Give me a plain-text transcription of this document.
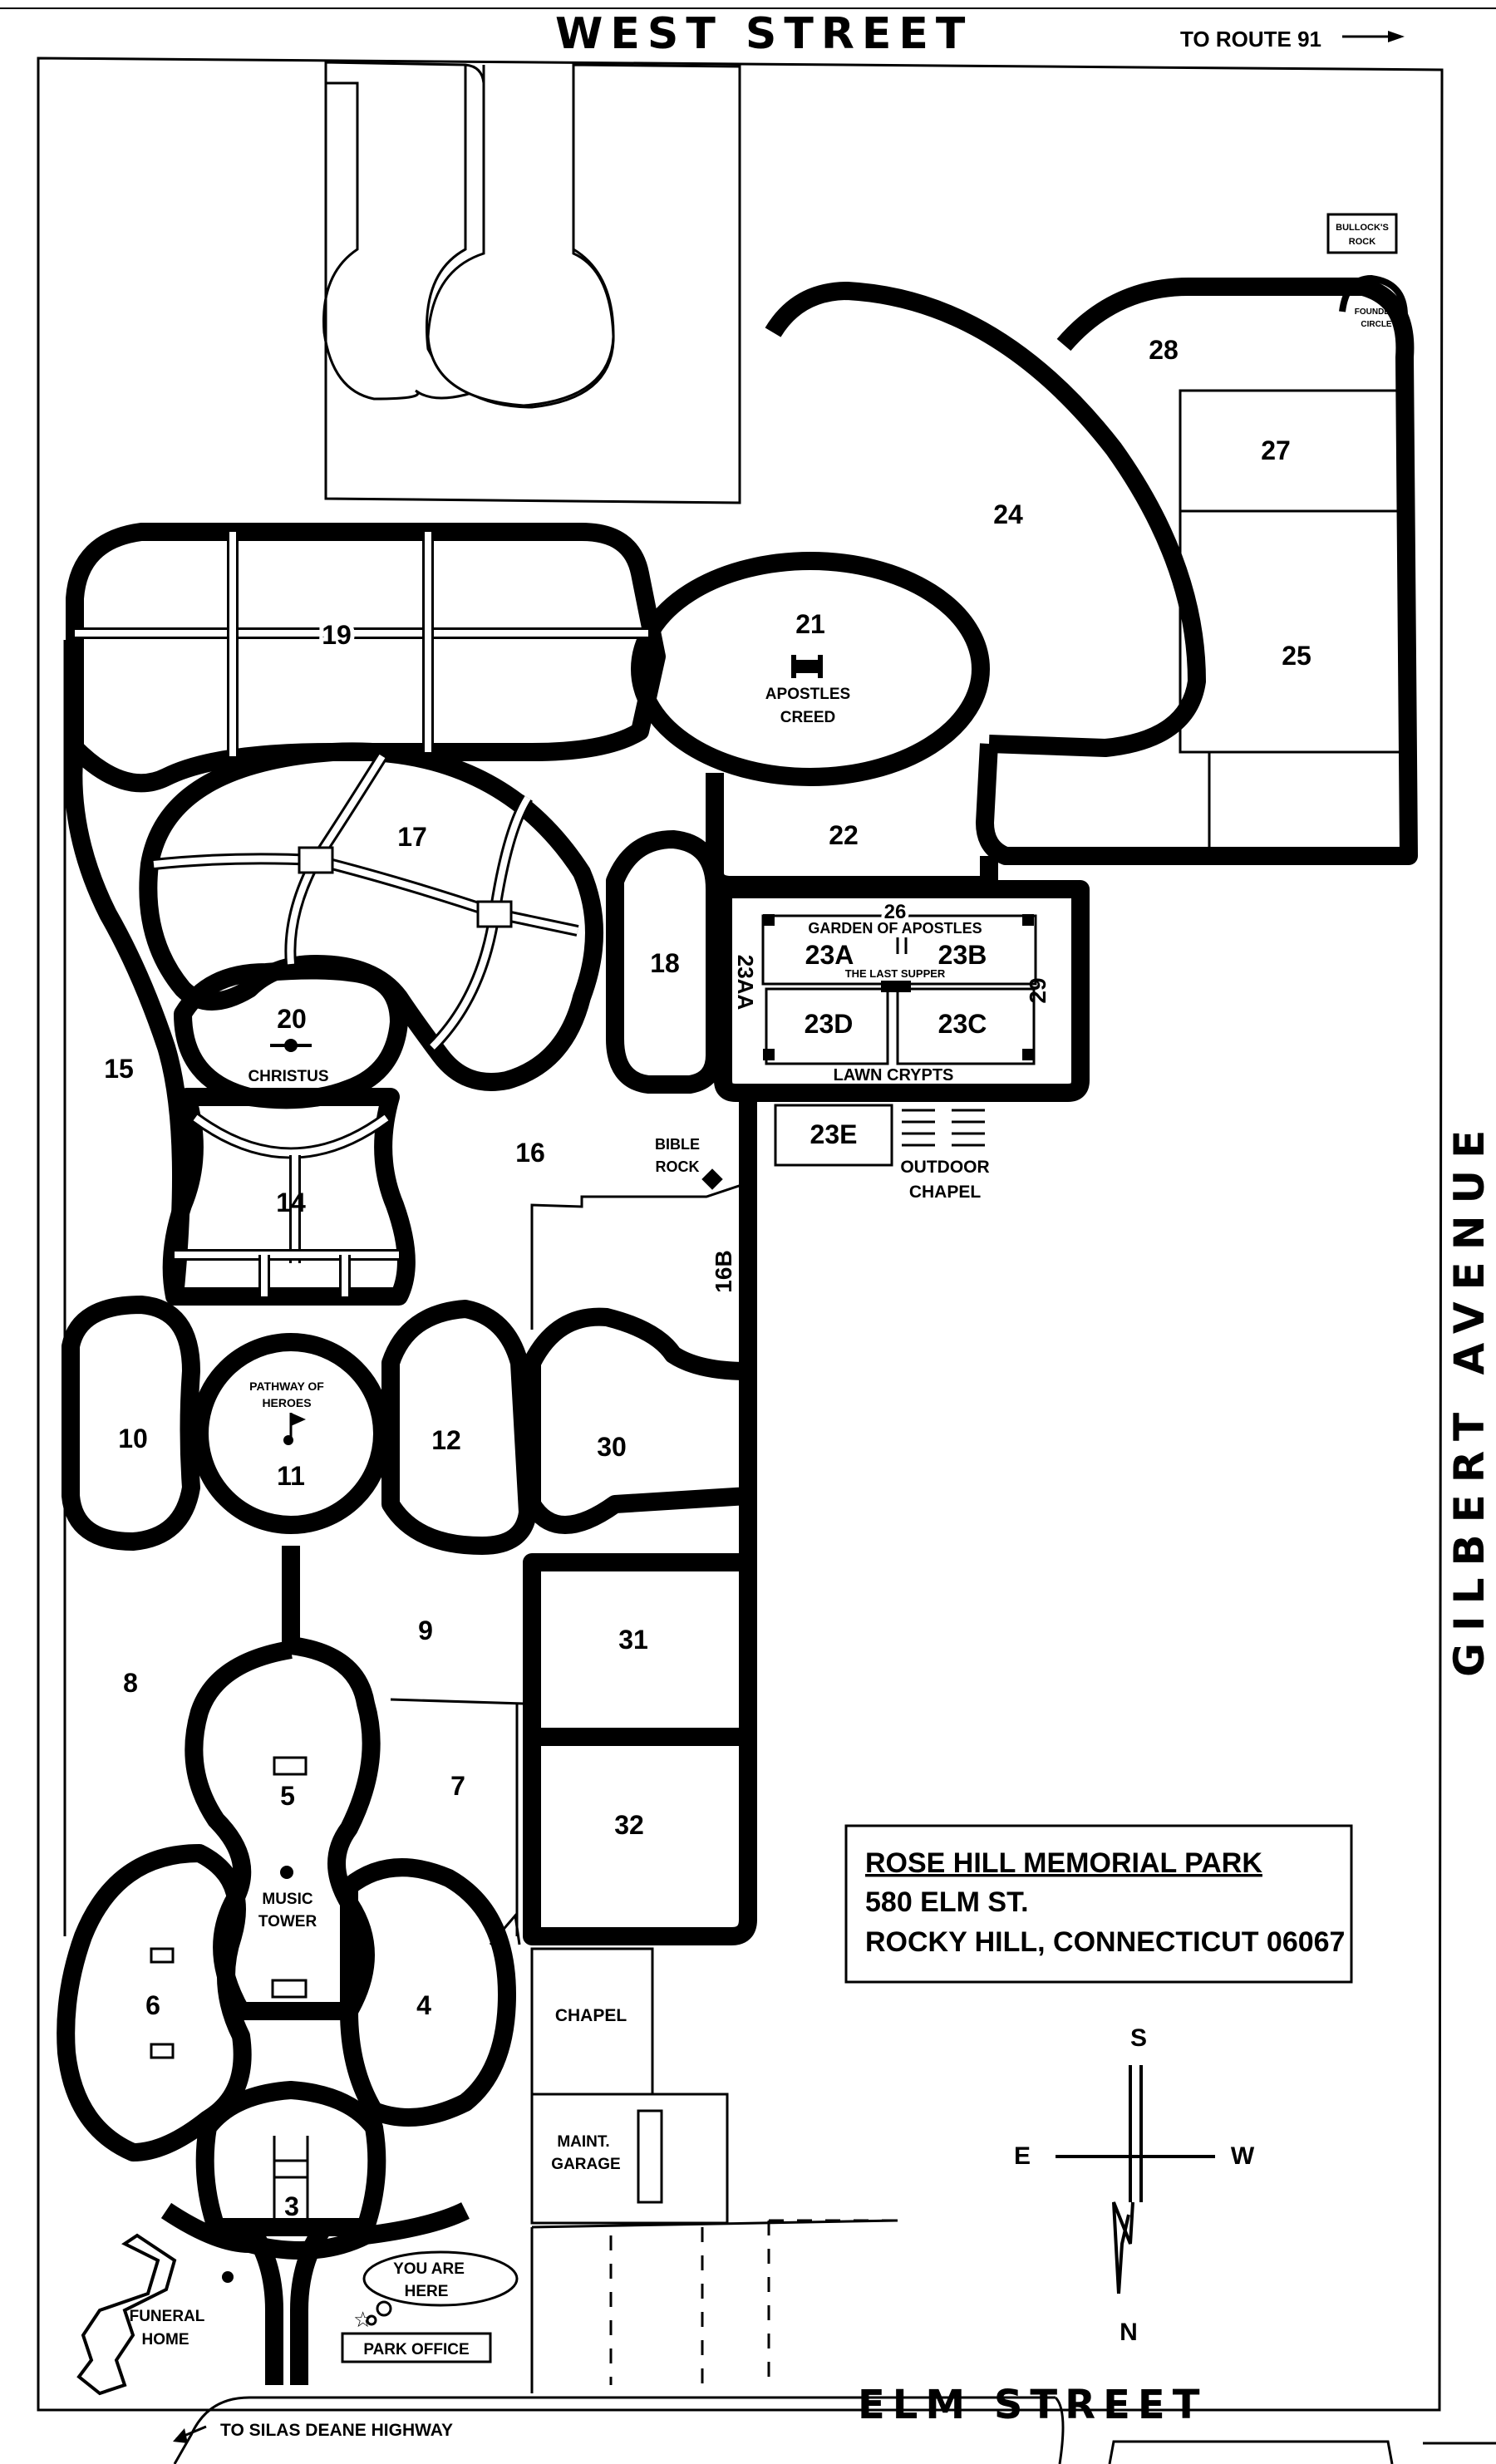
☆
WEST STREET	TO ROUTE 91
GILBERT AVENUE
ELM STREET
TO SILAS DEANE HIGHWAY
BULLOCK'S
ROCK
FOUNDER'S
CIRCLE
28
27
24
25
21
APOSTLES
CREED
19
22
17
18
26
GARDEN OF APOSTLES
23A	23B
THE LAST SUPPER
23D	23C
LAWN CRYPTS
23AA	29
23E
OUTDOOR
CHAPEL
20
CHRISTUS
15
16	BIBLE
ROCK
16B
14
10
PATHWAY OF
HEROES
11
12	30
9	31
8
7
5
32
MUSIC
TOWER
6	4
3
CHAPEL
MAINT.
GARAGE
FUNERAL
HOME
YOU ARE
HERE
PARK OFFICE
ROSE HILL MEMORIAL PARK
580 ELM ST.
ROCKY HILL, CONNECTICUT 06067
S
E	W
N
